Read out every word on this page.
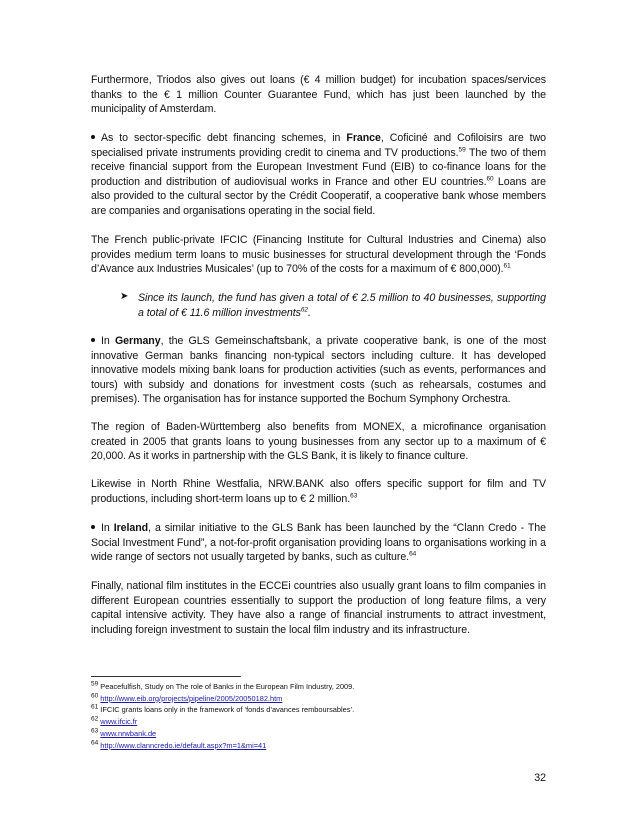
Furthermore, Triodos also gives out loans (€ 4 million budget) for incubation spaces/services thanks to the € 1 million Counter Guarantee Fund, which has just been launched by the municipality of Amsterdam.

As to sector-specific debt financing schemes, in France, Coficiné and Cofiloisirs are two specialised private instruments providing credit to cinema and TV productions.$^{59}$ The two of them receive financial support from the European Investment Fund (EIB) to co-finance loans for the production and distribution of audiovisual works in France and other EU countries.$^{60}$ Loans are also provided to the cultural sector by the Crédit Cooperatif, a cooperative bank whose members are companies and organisations operating in the social field.

The French public-private IFCIC (Financing Institute for Cultural Industries and Cinema) also provides medium term loans to music businesses for structural development through the ‘Fonds d’Avance aux Industries Musicales’ (up to 70% of the costs for a maximum of € 800,000).$^{61}$

➤ Since its launch, the fund has given a total of € 2.5 million to 40 businesses, supporting a total of € 11.6 million investments$^{62}$.

In Germany, the GLS Gemeinschaftsbank, a private cooperative bank, is one of the most innovative German banks financing non-typical sectors including culture. It has developed innovative models mixing bank loans for production activities (such as events, performances and tours) with subsidy and donations for investment costs (such as rehearsals, costumes and premises). The organisation has for instance supported the Bochum Symphony Orchestra.

The region of Baden-Württemberg also benefits from MONEX, a microfinance organisation created in 2005 that grants loans to young businesses from any sector up to a maximum of € 20,000. As it works in partnership with the GLS Bank, it is likely to finance culture.

Likewise in North Rhine Westfalia, NRW.BANK also offers specific support for film and TV productions, including short-term loans up to € 2 million.$^{63}$

In Ireland, a similar initiative to the GLS Bank has been launched by the “Clann Credo - The Social Investment Fund”, a not-for-profit organisation providing loans to organisations working in a wide range of sectors not usually targeted by banks, such as culture.$^{64}$

Finally, national film institutes in the ECCEi countries also usually grant loans to film companies in different European countries essentially to support the production of long feature films, a very capital intensive activity. They have also a range of financial instruments to attract investment, including foreign investment to sustain the local film industry and its infrastructure.

$^{59}$ Peacefulfish, Study on The role of Banks in the European Film Industry, 2009.
$^{60}$ http://www.eib.org/projects/pipeline/2005/20050182.htm
$^{61}$ IFCIC grants loans only in the framework of ‘fonds d’avances remboursables’.
$^{62}$ www.ifcic.fr
$^{63}$ www.nrwbank.de
$^{64}$ http://www.clanncredo.ie/default.aspx?m=1&mi=41
32
